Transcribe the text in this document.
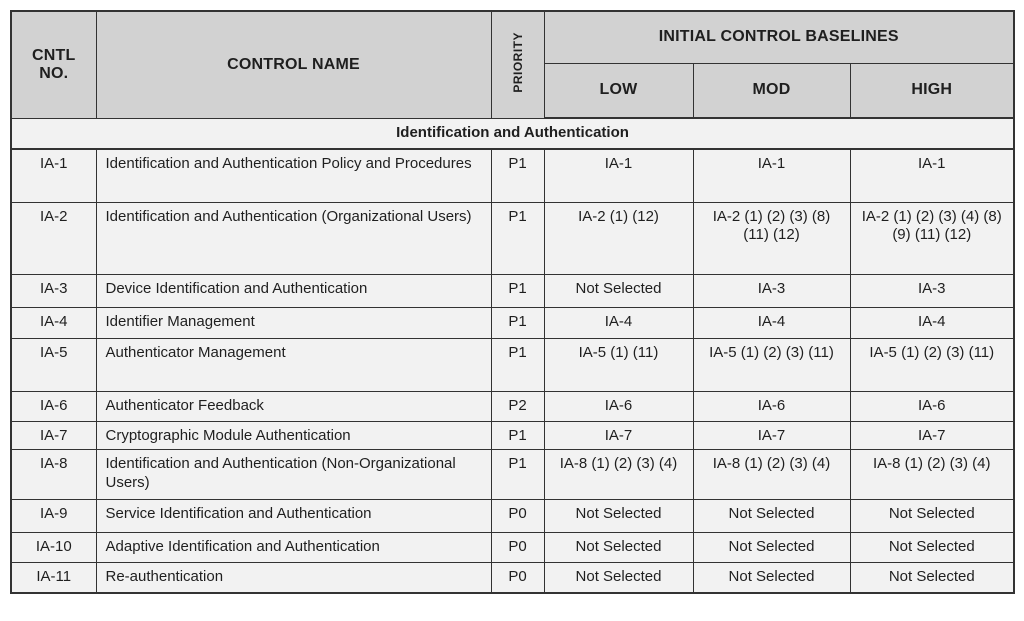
CNTL NO.	CONTROL NAME	PRIORITY	INITIAL CONTROL BASELINES		
			LOW	MOD	HIGH
Identification and Authentication					
IA-1	Identification and Authentication Policy and Procedures	P1	IA-1	IA-1	IA-1
IA-2	Identification and Authentication (Organizational Users)	P1	IA-2 (1) (12)	IA-2 (1) (2) (3) (8) (11) (12)	IA-2 (1) (2) (3) (4) (8) (9) (11) (12)
IA-3	Device Identification and Authentication	P1	Not Selected	IA-3	IA-3
IA-4	Identifier Management	P1	IA-4	IA-4	IA-4
IA-5	Authenticator Management	P1	IA-5 (1) (11)	IA-5 (1) (2) (3) (11)	IA-5 (1) (2) (3) (11)
IA-6	Authenticator Feedback	P2	IA-6	IA-6	IA-6
IA-7	Cryptographic Module Authentication	P1	IA-7	IA-7	IA-7
IA-8	Identification and Authentication (Non-Organizational Users)	P1	IA-8 (1) (2) (3) (4)	IA-8 (1) (2) (3) (4)	IA-8 (1) (2) (3) (4)
IA-9	Service Identification and Authentication	P0	Not Selected	Not Selected	Not Selected
IA-10	Adaptive Identification and Authentication	P0	Not Selected	Not Selected	Not Selected
IA-11	Re-authentication	P0	Not Selected	Not Selected	Not Selected
